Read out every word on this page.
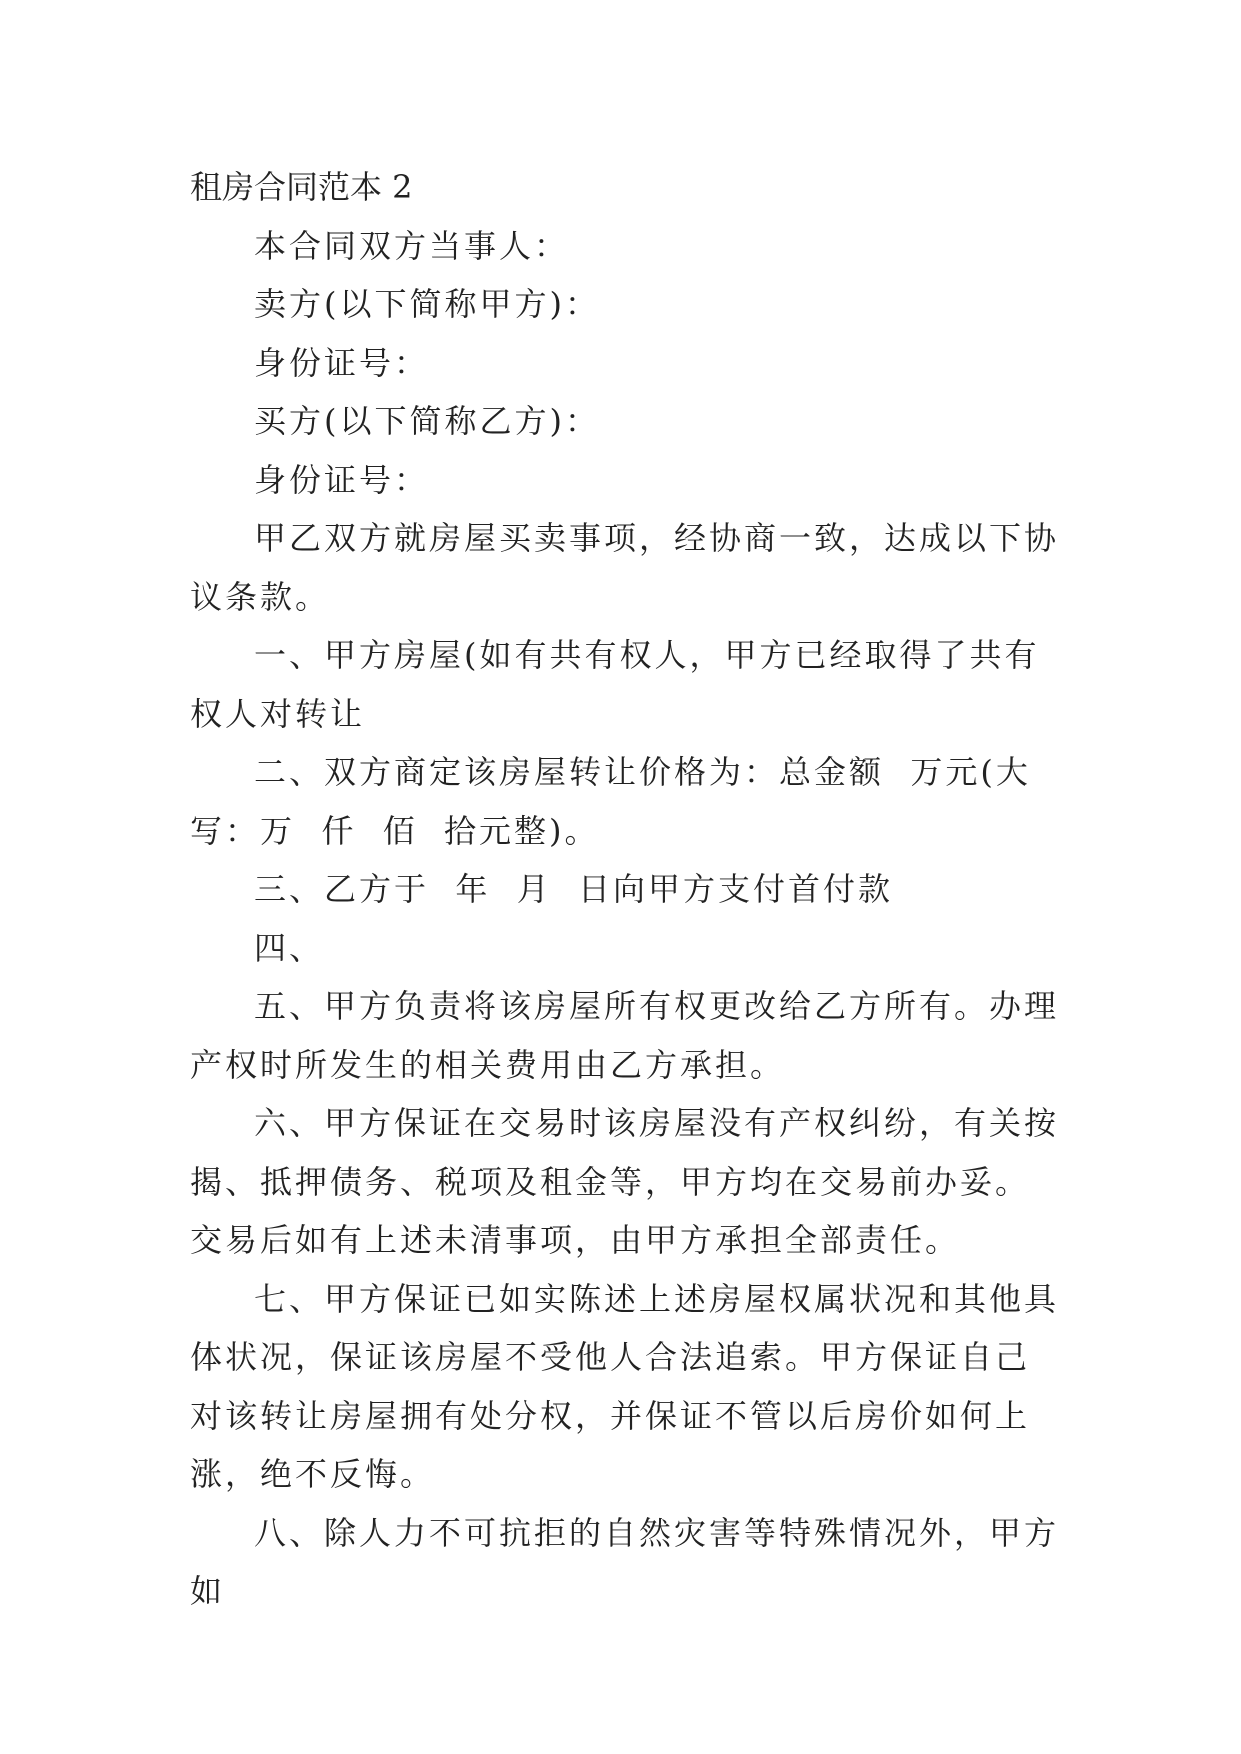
租房合同范本 2

本合同双方当事人：

卖方(以下简称甲方)：

身份证号：

买方(以下简称乙方)：

身份证号：

甲乙双方就房屋买卖事项，经协商一致，达成以下协议条款。

一、甲方房屋(如有共有权人，甲方已经取得了共有权人对转让

二、双方商定该房屋转让价格为：总金额  万元(大写：万  仟  佰  拾元整)。

三、乙方于  年  月  日向甲方支付首付款

四、

五、甲方负责将该房屋所有权更改给乙方所有。办理产权时所发生的相关费用由乙方承担。

六、甲方保证在交易时该房屋没有产权纠纷，有关按揭、抵押债务、税项及租金等，甲方均在交易前办妥。交易后如有上述未清事项，由甲方承担全部责任。

七、甲方保证已如实陈述上述房屋权属状况和其他具体状况，保证该房屋不受他人合法追索。甲方保证自己对该转让房屋拥有处分权，并保证不管以后房价如何上涨，绝不反悔。

八、除人力不可抗拒的自然灾害等特殊情况外，甲方如
